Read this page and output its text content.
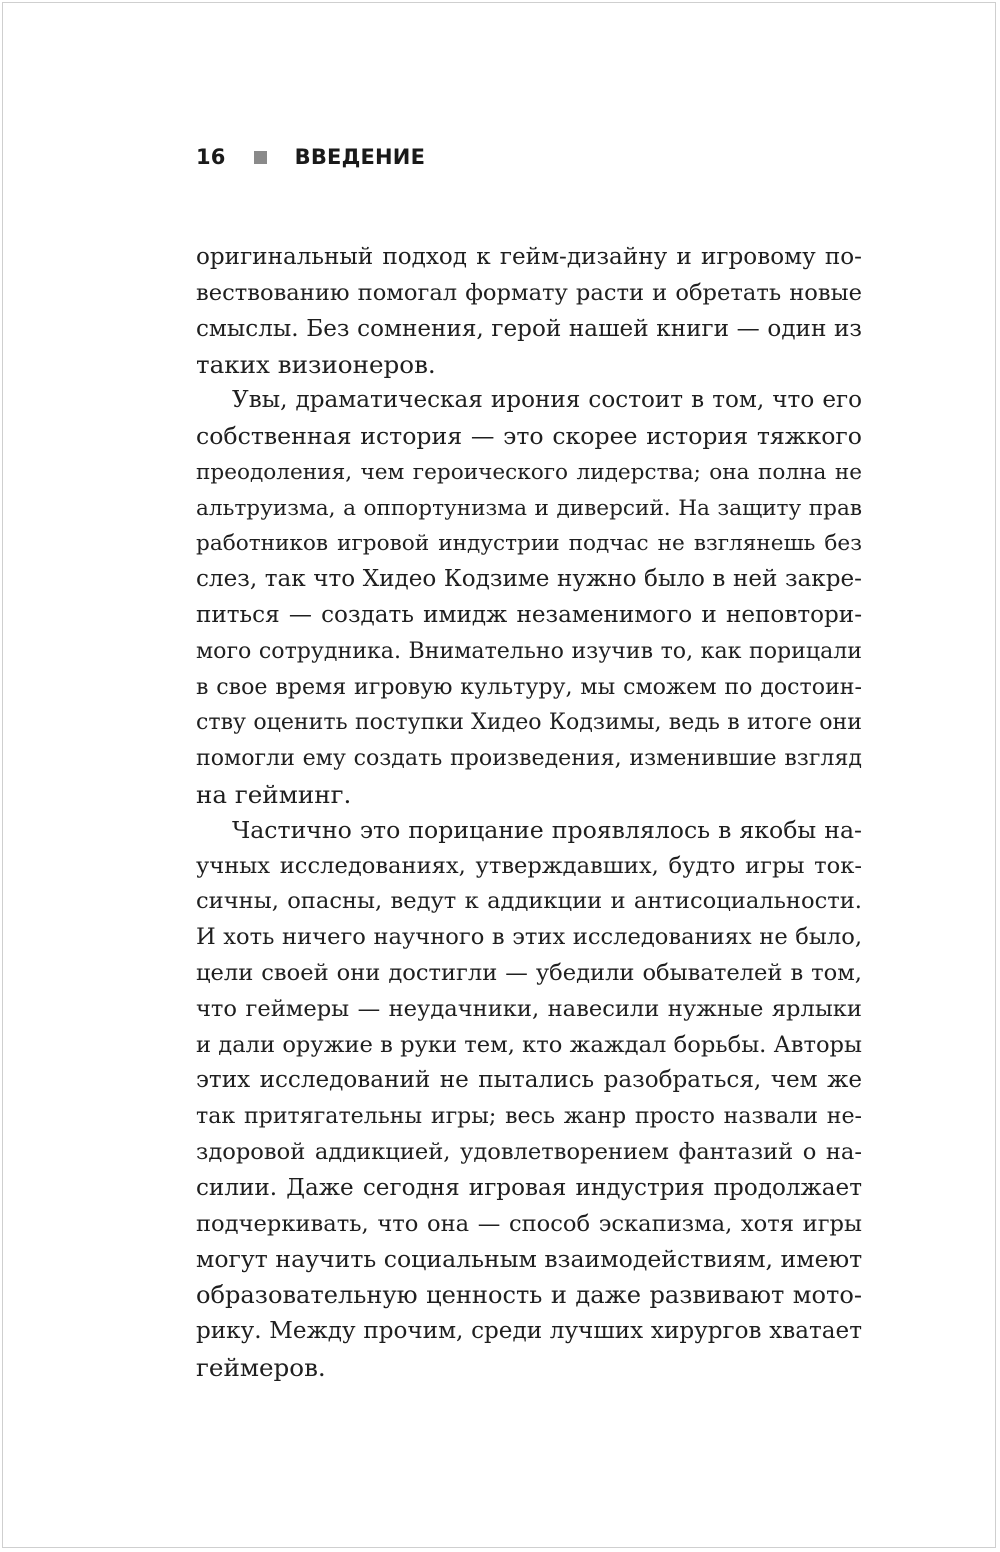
16	ВВЕДЕНИЕ
оригинальный подход к гейм-дизайну и игровому по-
вествованию помогал формату расти и обретать новые
смыслы. Без сомнения, герой нашей книги — один из
таких визионеров.
Увы, драматическая ирония состоит в том, что его
собственная история — это скорее история тяжкого
преодоления, чем героического лидерства; она полна не
альтруизма, а оппортунизма и диверсий. На защиту прав
работников игровой индустрии подчас не взглянешь без
слез, так что Хидео Кодзиме нужно было в ней закре-
питься — создать имидж незаменимого и неповтори-
мого сотрудника. Внимательно изучив то, как порицали
в свое время игровую культуру, мы сможем по достоин-
ству оценить поступки Хидео Кодзимы, ведь в итоге они
помогли ему создать произведения, изменившие взгляд
на гейминг.
Частично это порицание проявлялось в якобы на-
учных исследованиях, утверждавших, будто игры ток-
сичны, опасны, ведут к аддикции и антисоциальности.
И хоть ничего научного в этих исследованиях не было,
цели своей они достигли — убедили обывателей в том,
что геймеры — неудачники, навесили нужные ярлыки
и дали оружие в руки тем, кто жаждал борьбы. Авторы
этих исследований не пытались разобраться, чем же
так притягательны игры; весь жанр просто назвали не-
здоровой аддикцией, удовлетворением фантазий о на-
силии. Даже сегодня игровая индустрия продолжает
подчеркивать, что она — способ эскапизма, хотя игры
могут научить социальным взаимодействиям, имеют
образовательную ценность и даже развивают мото-
рику. Между прочим, среди лучших хирургов хватает
геймеров.
